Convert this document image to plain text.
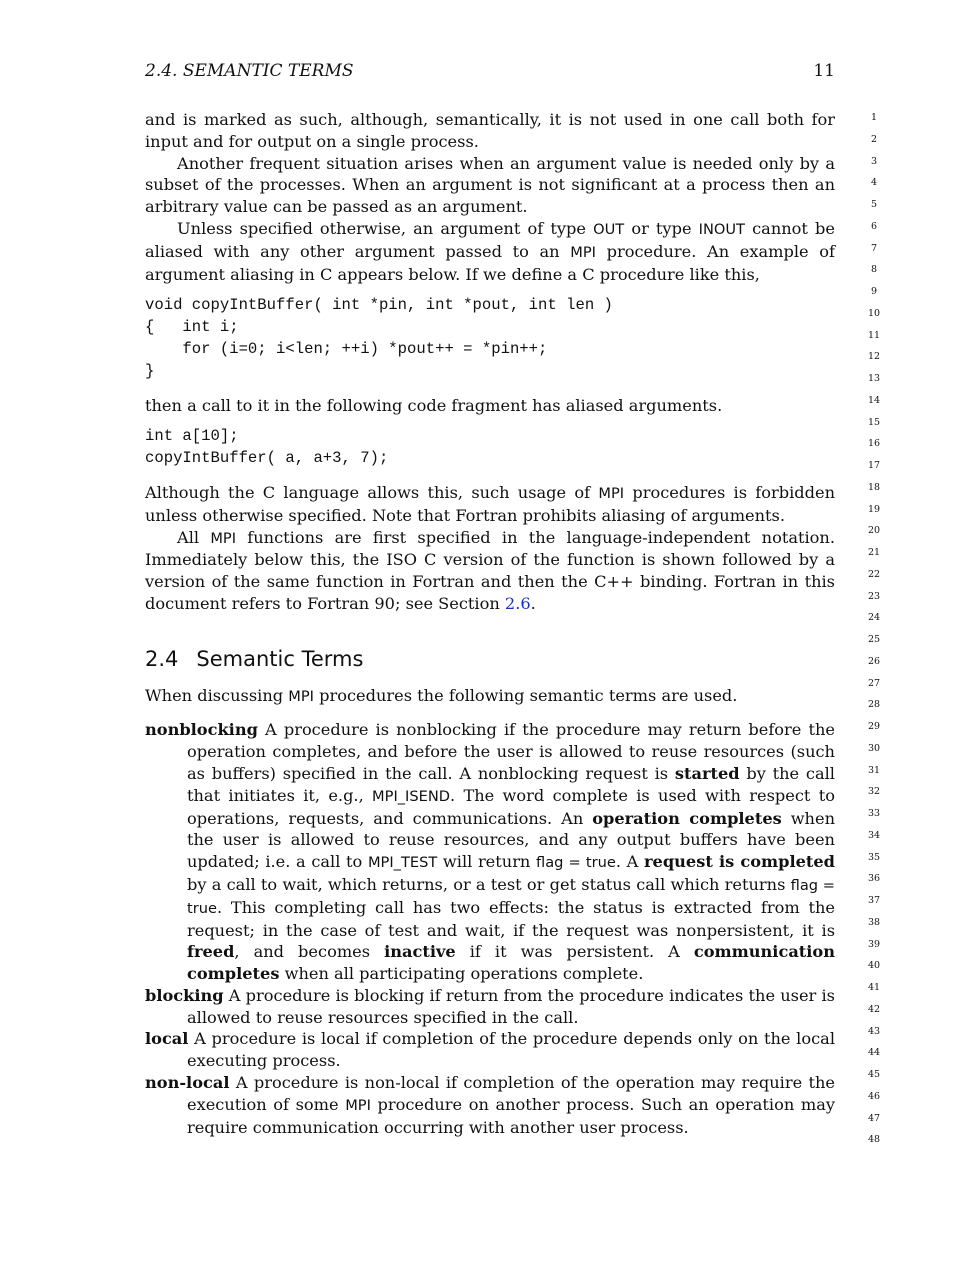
2.4. SEMANTIC TERMS	11

and is marked as such, although, semantically, it is not used in one call both for input and for output on a single process.

Another frequent situation arises when an argument value is needed only by a subset of the processes. When an argument is not significant at a process then an arbitrary value can be passed as an argument.

Unless specified otherwise, an argument of type OUT or type INOUT cannot be aliased with any other argument passed to an MPI procedure. An example of argument aliasing in C appears below. If we define a C procedure like this,

void copyIntBuffer( int *pin, int *pout, int len )
{   int i;
for (i=0; i<len; ++i) *pout++ = *pin++;
}

then a call to it in the following code fragment has aliased arguments.

int a[10];
copyIntBuffer( a, a+3, 7);

Although the C language allows this, such usage of MPI procedures is forbidden unless otherwise specified. Note that Fortran prohibits aliasing of arguments.

All MPI functions are first specified in the language-independent notation. Immediately below this, the ISO C version of the function is shown followed by a version of the same function in Fortran and then the C++ binding. Fortran in this document refers to Fortran 90; see Section 2.6.

2.4 Semantic Terms

When discussing MPI procedures the following semantic terms are used.

nonblocking A procedure is nonblocking if the procedure may return before the operation completes, and before the user is allowed to reuse resources (such as buffers) specified in the call. A nonblocking request is started by the call that initiates it, e.g., MPI_ISEND. The word complete is used with respect to operations, requests, and communications. An operation completes when the user is allowed to reuse resources, and any output buffers have been updated; i.e. a call to MPI_TEST will return flag = true. A request is completed by a call to wait, which returns, or a test or get status call which returns flag = true. This completing call has two effects: the status is extracted from the request; in the case of test and wait, if the request was nonpersistent, it is freed, and becomes inactive if it was persistent. A communication completes when all participating operations complete.

blocking A procedure is blocking if return from the procedure indicates the user is allowed to reuse resources specified in the call.

local A procedure is local if completion of the procedure depends only on the local executing process.

non-local A procedure is non-local if completion of the operation may require the execution of some MPI procedure on another process. Such an operation may require communication occurring with another user process.

1
2
3
4
5
6
7
8
9
10
11
12
13
14
15
16
17
18
19
20
21
22
23
24
25
26
27
28
29
30
31
32
33
34
35
36
37
38
39
40
41
42
43
44
45
46
47
48
